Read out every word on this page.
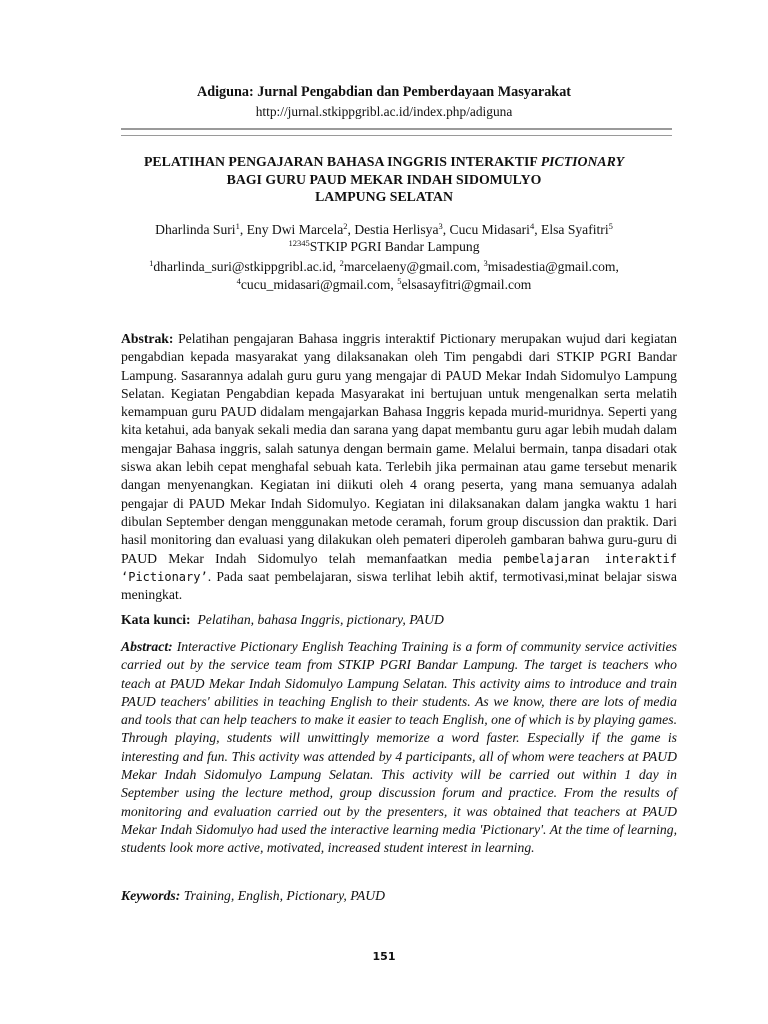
Adiguna: Jurnal Pengabdian dan Pemberdayaan Masyarakat
http://jurnal.stkippgribl.ac.id/index.php/adiguna
PELATIHAN PENGAJARAN BAHASA INGGRIS INTERAKTIF PICTIONARY
BAGI GURU PAUD MEKAR INDAH SIDOMULYO
LAMPUNG SELATAN
Dharlinda Suri$^1$, Eny Dwi Marcela$^2$, Destia Herlisya$^3$, Cucu Midasari$^4$, Elsa Syafitri$^5$
$^{12345}$STKIP PGRI Bandar Lampung
$^1$dharlinda_suri@stkippgribl.ac.id, $^2$marcelaeny@gmail.com, $^3$misadestia@gmail.com,
$^4$cucu_midasari@gmail.com, $^5$elsasayfitri@gmail.com
Abstrak: Pelatihan pengajaran Bahasa inggris interaktif Pictionary merupakan wujud dari kegiatan pengabdian kepada masyarakat yang dilaksanakan oleh Tim pengabdi dari STKIP PGRI Bandar Lampung. Sasarannya adalah guru guru yang mengajar di PAUD Mekar Indah Sidomulyo Lampung Selatan. Kegiatan Pengabdian kepada Masyarakat ini bertujuan untuk mengenalkan serta melatih kemampuan guru PAUD didalam mengajarkan Bahasa Inggris kepada murid-muridnya. Seperti yang kita ketahui, ada banyak sekali media dan sarana yang dapat membantu guru agar lebih mudah dalam mengajar Bahasa inggris, salah satunya dengan bermain game. Melalui bermain, tanpa disadari otak siswa akan lebih cepat menghafal sebuah kata. Terlebih jika permainan atau game tersebut menarik dangan menyenangkan. Kegiatan ini diikuti oleh 4 orang peserta, yang mana semuanya adalah pengajar di PAUD Mekar Indah Sidomulyo. Kegiatan ini dilaksanakan dalam jangka waktu 1 hari dibulan September dengan menggunakan metode ceramah, forum group discussion dan praktik. Dari hasil monitoring dan evaluasi yang dilakukan oleh pemateri diperoleh gambaran bahwa guru-guru di PAUD Mekar Indah Sidomulyo telah memanfaatkan media pembelajaran interaktif ‘Pictionary’. Pada saat pembelajaran, siswa terlihat lebih aktif, termotivasi,minat belajar siswa meningkat.
Kata kunci: Pelatihan, bahasa Inggris, pictionary, PAUD
Abstract: Interactive Pictionary English Teaching Training is a form of community service activities carried out by the service team from STKIP PGRI Bandar Lampung. The target is teachers who teach at PAUD Mekar Indah Sidomulyo Lampung Selatan. This activity aims to introduce and train PAUD teachers' abilities in teaching English to their students. As we know, there are lots of media and tools that can help teachers to make it easier to teach English, one of which is by playing games. Through playing, students will unwittingly memorize a word faster. Especially if the game is interesting and fun. This activity was attended by 4 participants, all of whom were teachers at PAUD Mekar Indah Sidomulyo Lampung Selatan. This activity will be carried out within 1 day in September using the lecture method, group discussion forum and practice. From the results of monitoring and evaluation carried out by the presenters, it was obtained that teachers at PAUD Mekar Indah Sidomulyo had used the interactive learning media 'Pictionary'. At the time of learning, students look more active, motivated, increased student interest in learning.
Keywords: Training, English, Pictionary, PAUD
151
